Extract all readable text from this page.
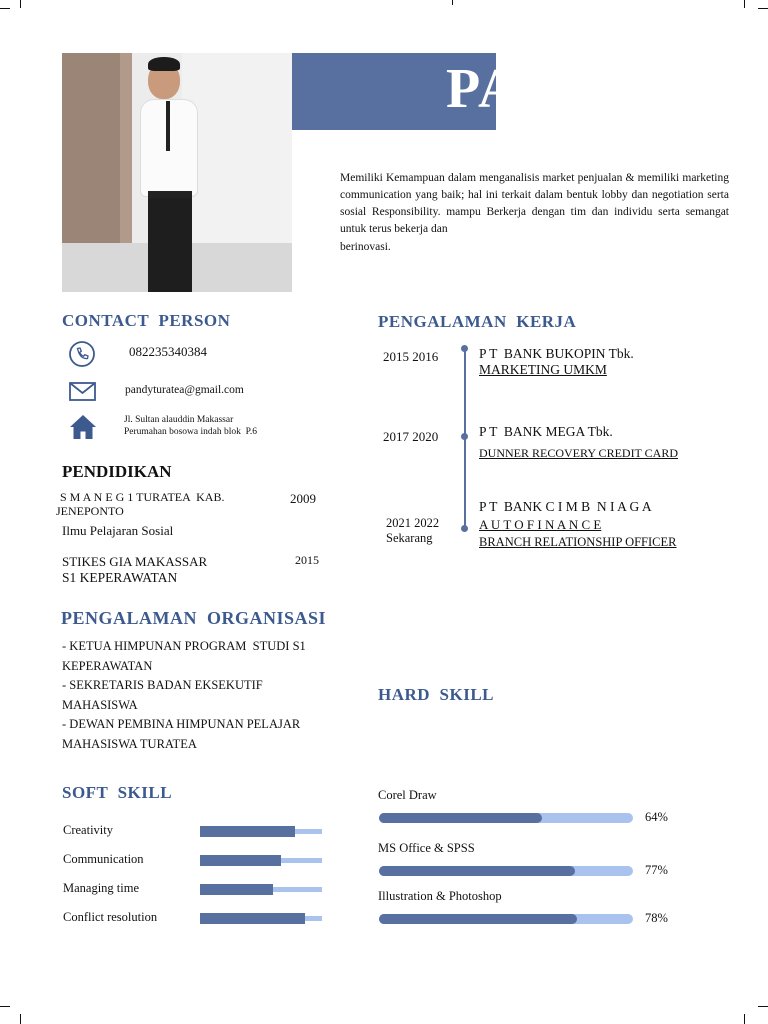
PA
Memiliki Kemampuan dalam menganalisis market penjualan & memiliki marketing communication yang baik; hal ini terkait dalam bentuk lobby dan negotiation serta sosial Responsibility. mampu Berkerja dengan tim dan individu serta semangat untuk terus bekerja dan
berinovasi.
CONTACT  PERSON
082235340384
pandyturatea@gmail.com
Jl. Sultan alauddin Makassar
Perumahan bosowa indah blok  P.6
PENDIDIKAN
S M A N E G 1 TURATEA  KAB.
JENEPONTO
2009
Ilmu Pelajaran Sosial
STIKES GIA MAKASSAR	2015
S1 KEPERAWATAN
PENGALAMAN  ORGANISASI
- KETUA HIMPUNAN PROGRAM  STUDI S1
KEPERAWATAN
- SEKRETARIS BADAN EKSEKUTIF
MAHASISWA
- DEWAN PEMBINA HIMPUNAN PELAJAR
MAHASISWA TURATEA
SOFT  SKILL
Creativity
Communication
Managing time
Conflict resolution
PENGALAMAN  KERJA
2015 2016	P T  BANK BUKOPIN Tbk.
MARKETING UMKM
2017 2020	P T  BANK MEGA Tbk.
DUNNER RECOVERY CREDIT CARD
2021 2022
Sekarang
P T  BANK C I M B  N I A G A
A U T O F I N A N C E
BRANCH RELATIONSHIP OFFICER
HARD  SKILL
Corel Draw
64%
MS Office & SPSS
77%
Illustration & Photoshop
78%
